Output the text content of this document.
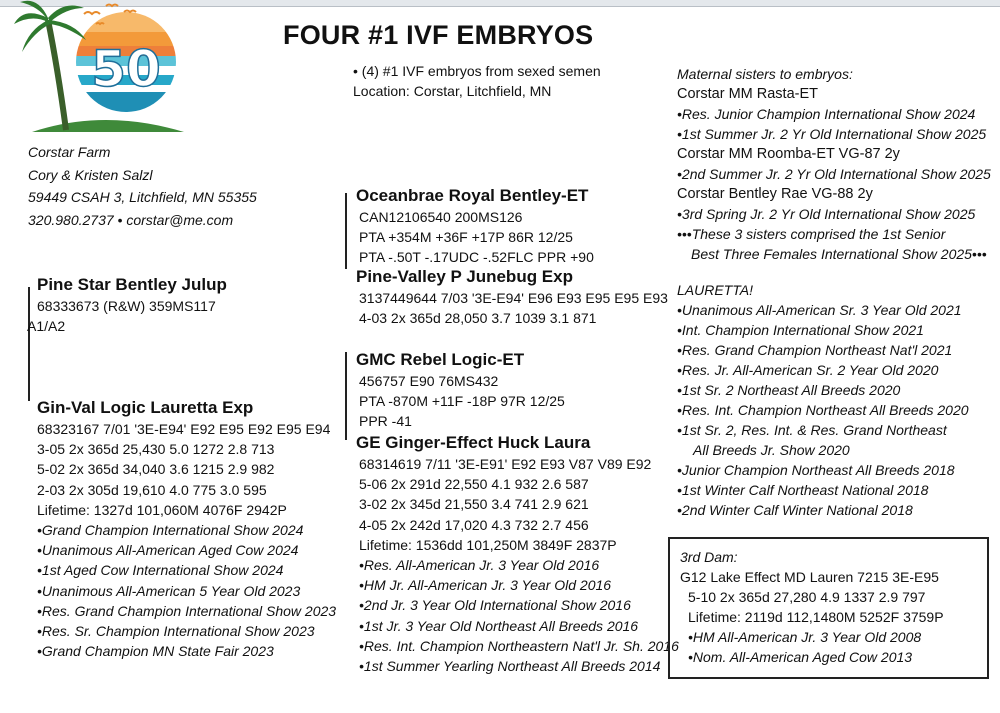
50
FOUR #1 IVF EMBRYOS
Corstar Farm
Cory & Kristen Salzl
59449 CSAH 3, Litchfield, MN 55355
320.980.2737 • corstar@me.com
• (4) #1 IVF embryos from sexed semen
Location: Corstar, Litchfield, MN
Pine Star Bentley Julup
68333673 (R&W) 359MS117
A1/A2
Gin-Val Logic Lauretta Exp
68323167 7/01 '3E-E94' E92 E95 E92 E95 E94
3-05 2x 365d 25,430 5.0 1272 2.8 713
5-02 2x 365d 34,040 3.6 1215 2.9 982
2-03 2x 305d 19,610 4.0 775 3.0 595
Lifetime: 1327d 101,060M 4076F 2942P
•Grand Champion International Show 2024
•Unanimous All-American Aged Cow 2024
•1st Aged Cow International Show 2024
•Unanimous All-American 5 Year Old 2023
•Res. Grand Champion International Show 2023
•Res. Sr. Champion International Show 2023
•Grand Champion MN State Fair 2023
Oceanbrae Royal Bentley-ET
CAN12106540 200MS126
PTA +354M +36F +17P 86R 12/25
PTA -.50T -.17UDC -.52FLC PPR +90
Pine-Valley P Junebug Exp
3137449644 7/03 '3E-E94' E96 E93 E95 E95 E93
4-03 2x 365d 28,050 3.7 1039 3.1 871
GMC Rebel Logic-ET
456757 E90 76MS432
PTA -870M +11F -18P 97R 12/25
PPR -41
GE Ginger-Effect Huck Laura
68314619 7/11 '3E-E91' E92 E93 V87 V89 E92
5-06 2x 291d 22,550 4.1 932 2.6 587
3-02 2x 345d 21,550 3.4 741 2.9 621
4-05 2x 242d 17,020 4.3 732 2.7 456
Lifetime: 1536dd 101,250M 3849F 2837P
•Res. All-American Jr. 3 Year Old 2016
•HM Jr. All-American Jr. 3 Year Old 2016
•2nd Jr. 3 Year Old International Show 2016
•1st Jr. 3 Year Old Northeast All Breeds 2016
•Res. Int. Champion Northeastern Nat'l Jr. Sh. 2016
•1st Summer Yearling Northeast All Breeds 2014
Maternal sisters to embryos:
Corstar MM Rasta-ET
•Res. Junior Champion International Show 2024
•1st Summer Jr. 2 Yr Old International Show 2025
Corstar MM Roomba-ET VG-87 2y
•2nd Summer Jr. 2 Yr Old International Show 2025
Corstar Bentley Rae VG-88 2y
•3rd Spring Jr. 2 Yr Old International Show 2025
•••These 3 sisters comprised the 1st Senior
Best Three Females International Show 2025•••
LAURETTA!
•Unanimous All-American Sr. 3 Year Old 2021
•Int. Champion International Show 2021
•Res. Grand Champion Northeast Nat'l 2021
•Res. Jr. All-American Sr. 2 Year Old 2020
•1st Sr. 2 Northeast All Breeds 2020
•Res. Int. Champion Northeast All Breeds 2020
•1st Sr. 2, Res. Int. & Res. Grand Northeast
All Breeds Jr. Show 2020
•Junior Champion Northeast All Breeds 2018
•1st Winter Calf Northeast National 2018
•2nd Winter Calf Winter National 2018
3rd Dam:
G12 Lake Effect MD Lauren 7215 3E-E95
5-10 2x 365d 27,280 4.9 1337 2.9 797
Lifetime: 2119d 112,1480M 5252F 3759P
•HM All-American Jr. 3 Year Old 2008
•Nom. All-American Aged Cow 2013
